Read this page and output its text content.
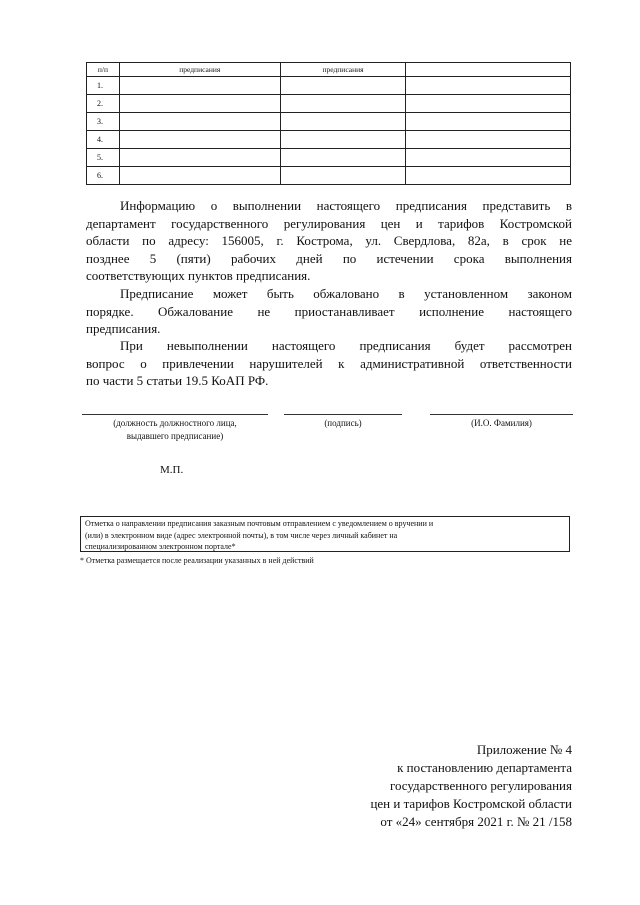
п/п	предписания	предписания	
1.			
2.			
3.			
4.			
5.			
6.			
Информацию о выполнении настоящего предписания представить в
департамент государственного регулирования цен и тарифов Костромской
области по адресу: 156005, г. Кострома, ул. Свердлова, 82а, в срок не
позднее 5 (пяти) рабочих дней по истечении срока выполнения
соответствующих пунктов предписания.
Предписание может быть обжаловано в установленном законом
порядке. Обжалование не приостанавливает исполнение настоящего
предписания.
При невыполнении настоящего предписания будет рассмотрен
вопрос о привлечении нарушителей к административной ответственности
по части 5 статьи 19.5 КоАП РФ.
(должность должностного лица,
выдавшего предписание)
(подпись)	(И.О. Фамилия)
М.П.
Отметка о направлении предписания заказным почтовым отправлением с уведомлением о вручении и
(или) в электронном виде (адрес электронной почты), в том числе через личный кабинет на
специализированном электронном портале*
* Отметка размещается после реализации указанных в ней действий
Приложение № 4
к постановлению департамента
государственного регулирования
цен и тарифов Костромской области
от «24» сентября 2021 г. № 21 /158
